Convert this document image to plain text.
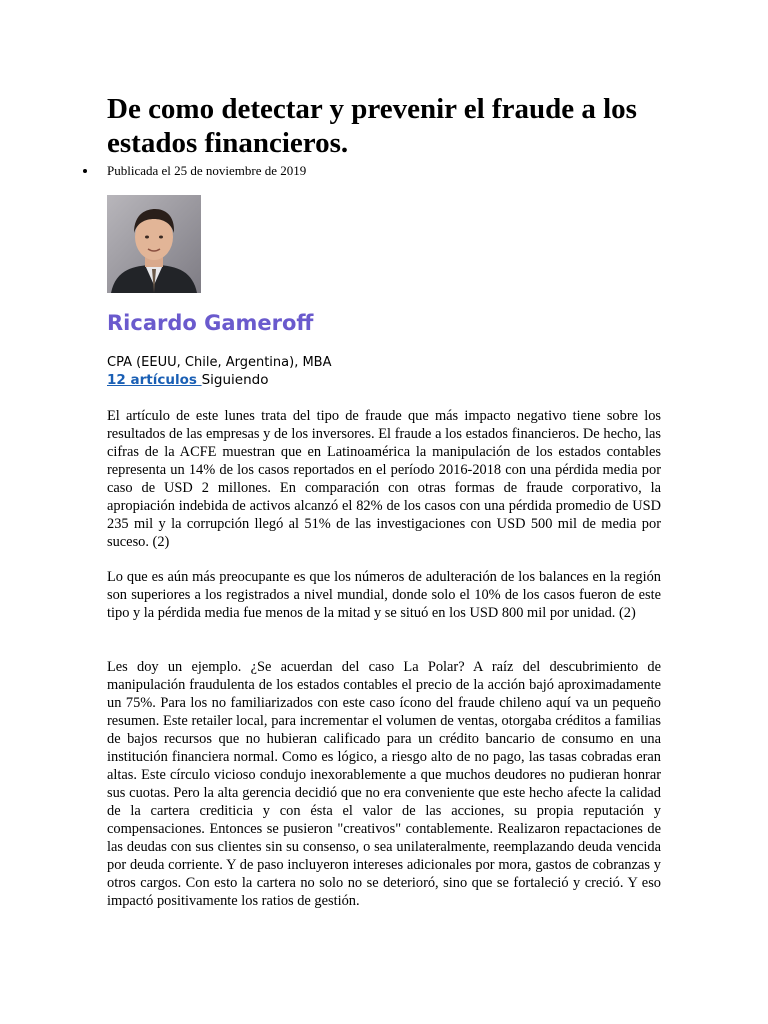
De como detectar y prevenir el fraude a los estados financieros.
Publicada el 25 de noviembre de 2019
Ricardo Gameroff
CPA (EEUU, Chile, Argentina), MBA
12 artículos Siguiendo

El artículo de este lunes trata del tipo de fraude que más impacto negativo tiene sobre los resultados de las empresas y de los inversores. El fraude a los estados financieros. De hecho, las cifras de la ACFE muestran que en Latinoamérica la manipulación de los estados contables representa un 14% de los casos reportados en el período 2016-2018 con una pérdida media por caso de USD 2 millones. En comparación con otras formas de fraude corporativo, la apropiación indebida de activos alcanzó el 82% de los casos con una pérdida promedio de USD 235 mil y la corrupción llegó al 51% de las investigaciones con USD 500 mil de media por suceso. (2)

Lo que es aún más preocupante es que los números de adulteración de los balances en la región son superiores a los registrados a nivel mundial, donde solo el 10% de los casos fueron de este tipo y la pérdida media fue menos de la mitad y se situó en los USD 800 mil por unidad. (2)

Les doy un ejemplo. ¿Se acuerdan del caso La Polar? A raíz del descubrimiento de manipulación fraudulenta de los estados contables el precio de la acción bajó aproximadamente un 75%. Para los no familiarizados con este caso ícono del fraude chileno aquí va un pequeño resumen. Este retailer local, para incrementar el volumen de ventas, otorgaba créditos a familias de bajos recursos que no hubieran calificado para un crédito bancario de consumo en una institución financiera normal. Como es lógico, a riesgo alto de no pago, las tasas cobradas eran altas. Este círculo vicioso condujo inexorablemente a que muchos deudores no pudieran honrar sus cuotas. Pero la alta gerencia decidió que no era conveniente que este hecho afecte la calidad de la cartera crediticia y con ésta el valor de las acciones, su propia reputación y compensaciones. Entonces se pusieron "creativos" contablemente. Realizaron repactaciones de las deudas con sus clientes sin su consenso, o sea unilateralmente, reemplazando deuda vencida por deuda corriente. Y de paso incluyeron intereses adicionales por mora, gastos de cobranzas y otros cargos. Con esto la cartera no solo no se deterioró, sino que se fortaleció y creció. Y eso impactó positivamente los ratios de gestión.
